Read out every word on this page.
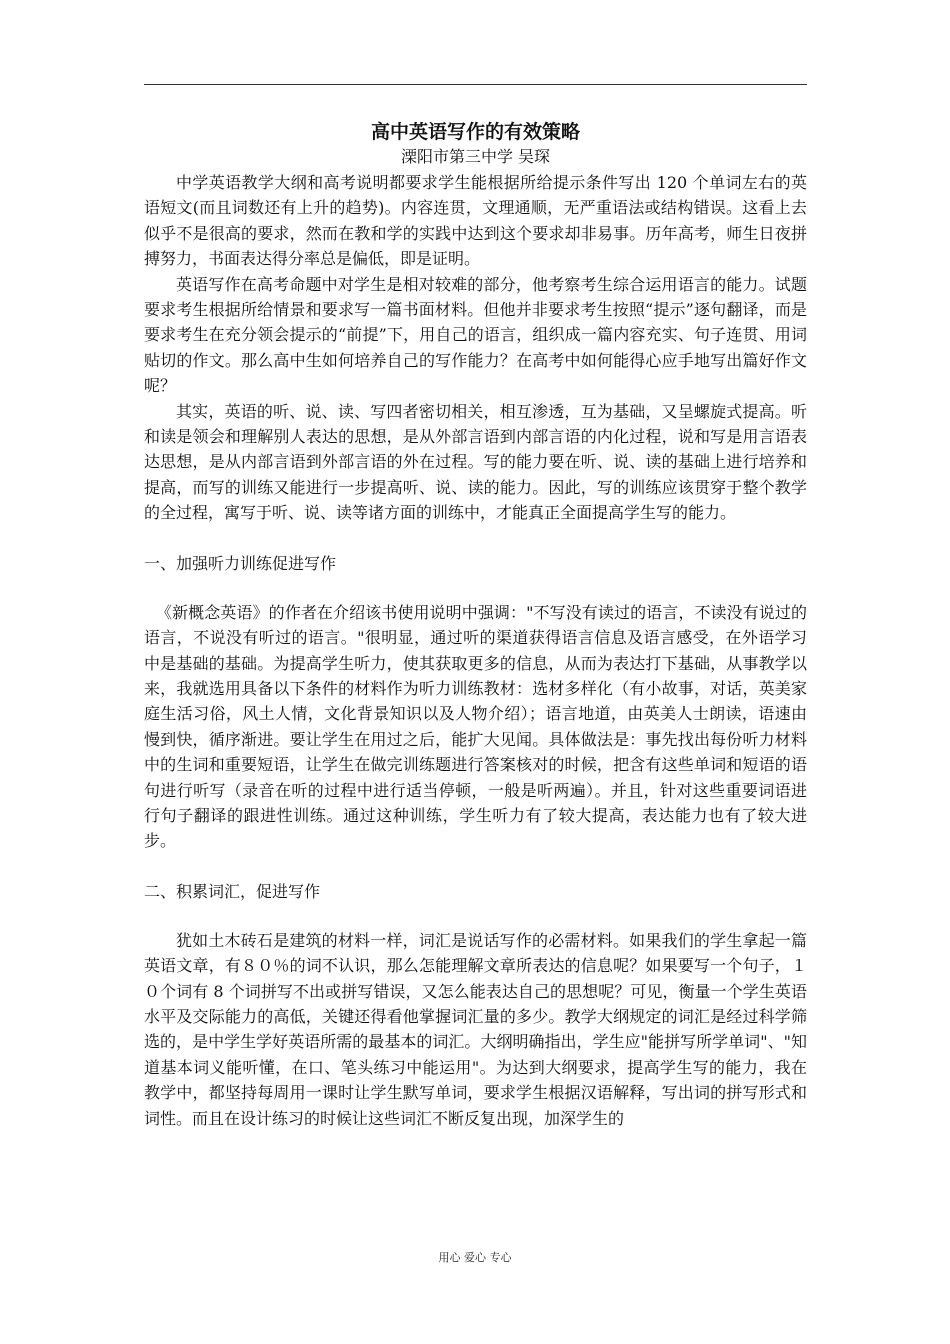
高中英语写作的有效策略
溧阳市第三中学 吴琛

中学英语教学大纲和高考说明都要求学生能根据所给提示条件写出 120 个单词左右的英语短文(而且词数还有上升的趋势)。内容连贯，文理通顺，无严重语法或结构错误。这看上去似乎不是很高的要求，然而在教和学的实践中达到这个要求却非易事。历年高考，师生日夜拼搏努力，书面表达得分率总是偏低，即是证明。

英语写作在高考命题中对学生是相对较难的部分，他考察考生综合运用语言的能力。试题要求考生根据所给情景和要求写一篇书面材料。但他并非要求考生按照“提示”逐句翻译，而是要求考生在充分领会提示的“前提”下，用自己的语言，组织成一篇内容充实、句子连贯、用词贴切的作文。那么高中生如何培养自己的写作能力？在高考中如何能得心应手地写出篇好作文呢？

其实，英语的听、说、读、写四者密切相关，相互渗透，互为基础，又呈螺旋式提高。听和读是领会和理解别人表达的思想，是从外部言语到内部言语的内化过程，说和写是用言语表达思想，是从内部言语到外部言语的外在过程。写的能力要在听、说、读的基础上进行培养和提高，而写的训练又能进行一步提高听、说、读的能力。因此，写的训练应该贯穿于整个教学的全过程，寓写于听、说、读等诸方面的训练中，才能真正全面提高学生写的能力。

一、加强听力训练促进写作

《新概念英语》的作者在介绍该书使用说明中强调："不写没有读过的语言，不读没有说过的语言，不说没有听过的语言。"很明显，通过听的渠道获得语言信息及语言感受，在外语学习中是基础的基础。为提高学生听力，使其获取更多的信息，从而为表达打下基础，从事教学以来，我就选用具备以下条件的材料作为听力训练教材：选材多样化（有小故事，对话，英美家庭生活习俗，风土人情，文化背景知识以及人物介绍）；语言地道，由英美人士朗读，语速由慢到快，循序渐进。要让学生在用过之后，能扩大见闻。具体做法是：事先找出每份听力材料中的生词和重要短语，让学生在做完训练题进行答案核对的时候，把含有这些单词和短语的语句进行听写（录音在听的过程中进行适当停顿，一般是听两遍）。并且，针对这些重要词语进行句子翻译的跟进性训练。通过这种训练，学生听力有了较大提高，表达能力也有了较大进步。

二、积累词汇，促进写作

犹如土木砖石是建筑的材料一样，词汇是说话写作的必需材料。如果我们的学生拿起一篇英语文章，有８０％的词不认识，那么怎能理解文章所表达的信息呢？如果要写一个句子，１０个词有 8 个词拼写不出或拼写错误，又怎么能表达自己的思想呢？可见，衡量一个学生英语水平及交际能力的高低，关键还得看他掌握词汇量的多少。教学大纲规定的词汇是经过科学筛选的，是中学生学好英语所需的最基本的词汇。大纲明确指出，学生应"能拼写所学单词"、"知道基本词义能听懂，在口、笔头练习中能运用"。为达到大纲要求，提高学生写的能力，我在教学中，都坚持每周用一课时让学生默写单词，要求学生根据汉语解释，写出词的拼写形式和词性。而且在设计练习的时候让这些词汇不断反复出现，加深学生的

用心 爱心 专心
